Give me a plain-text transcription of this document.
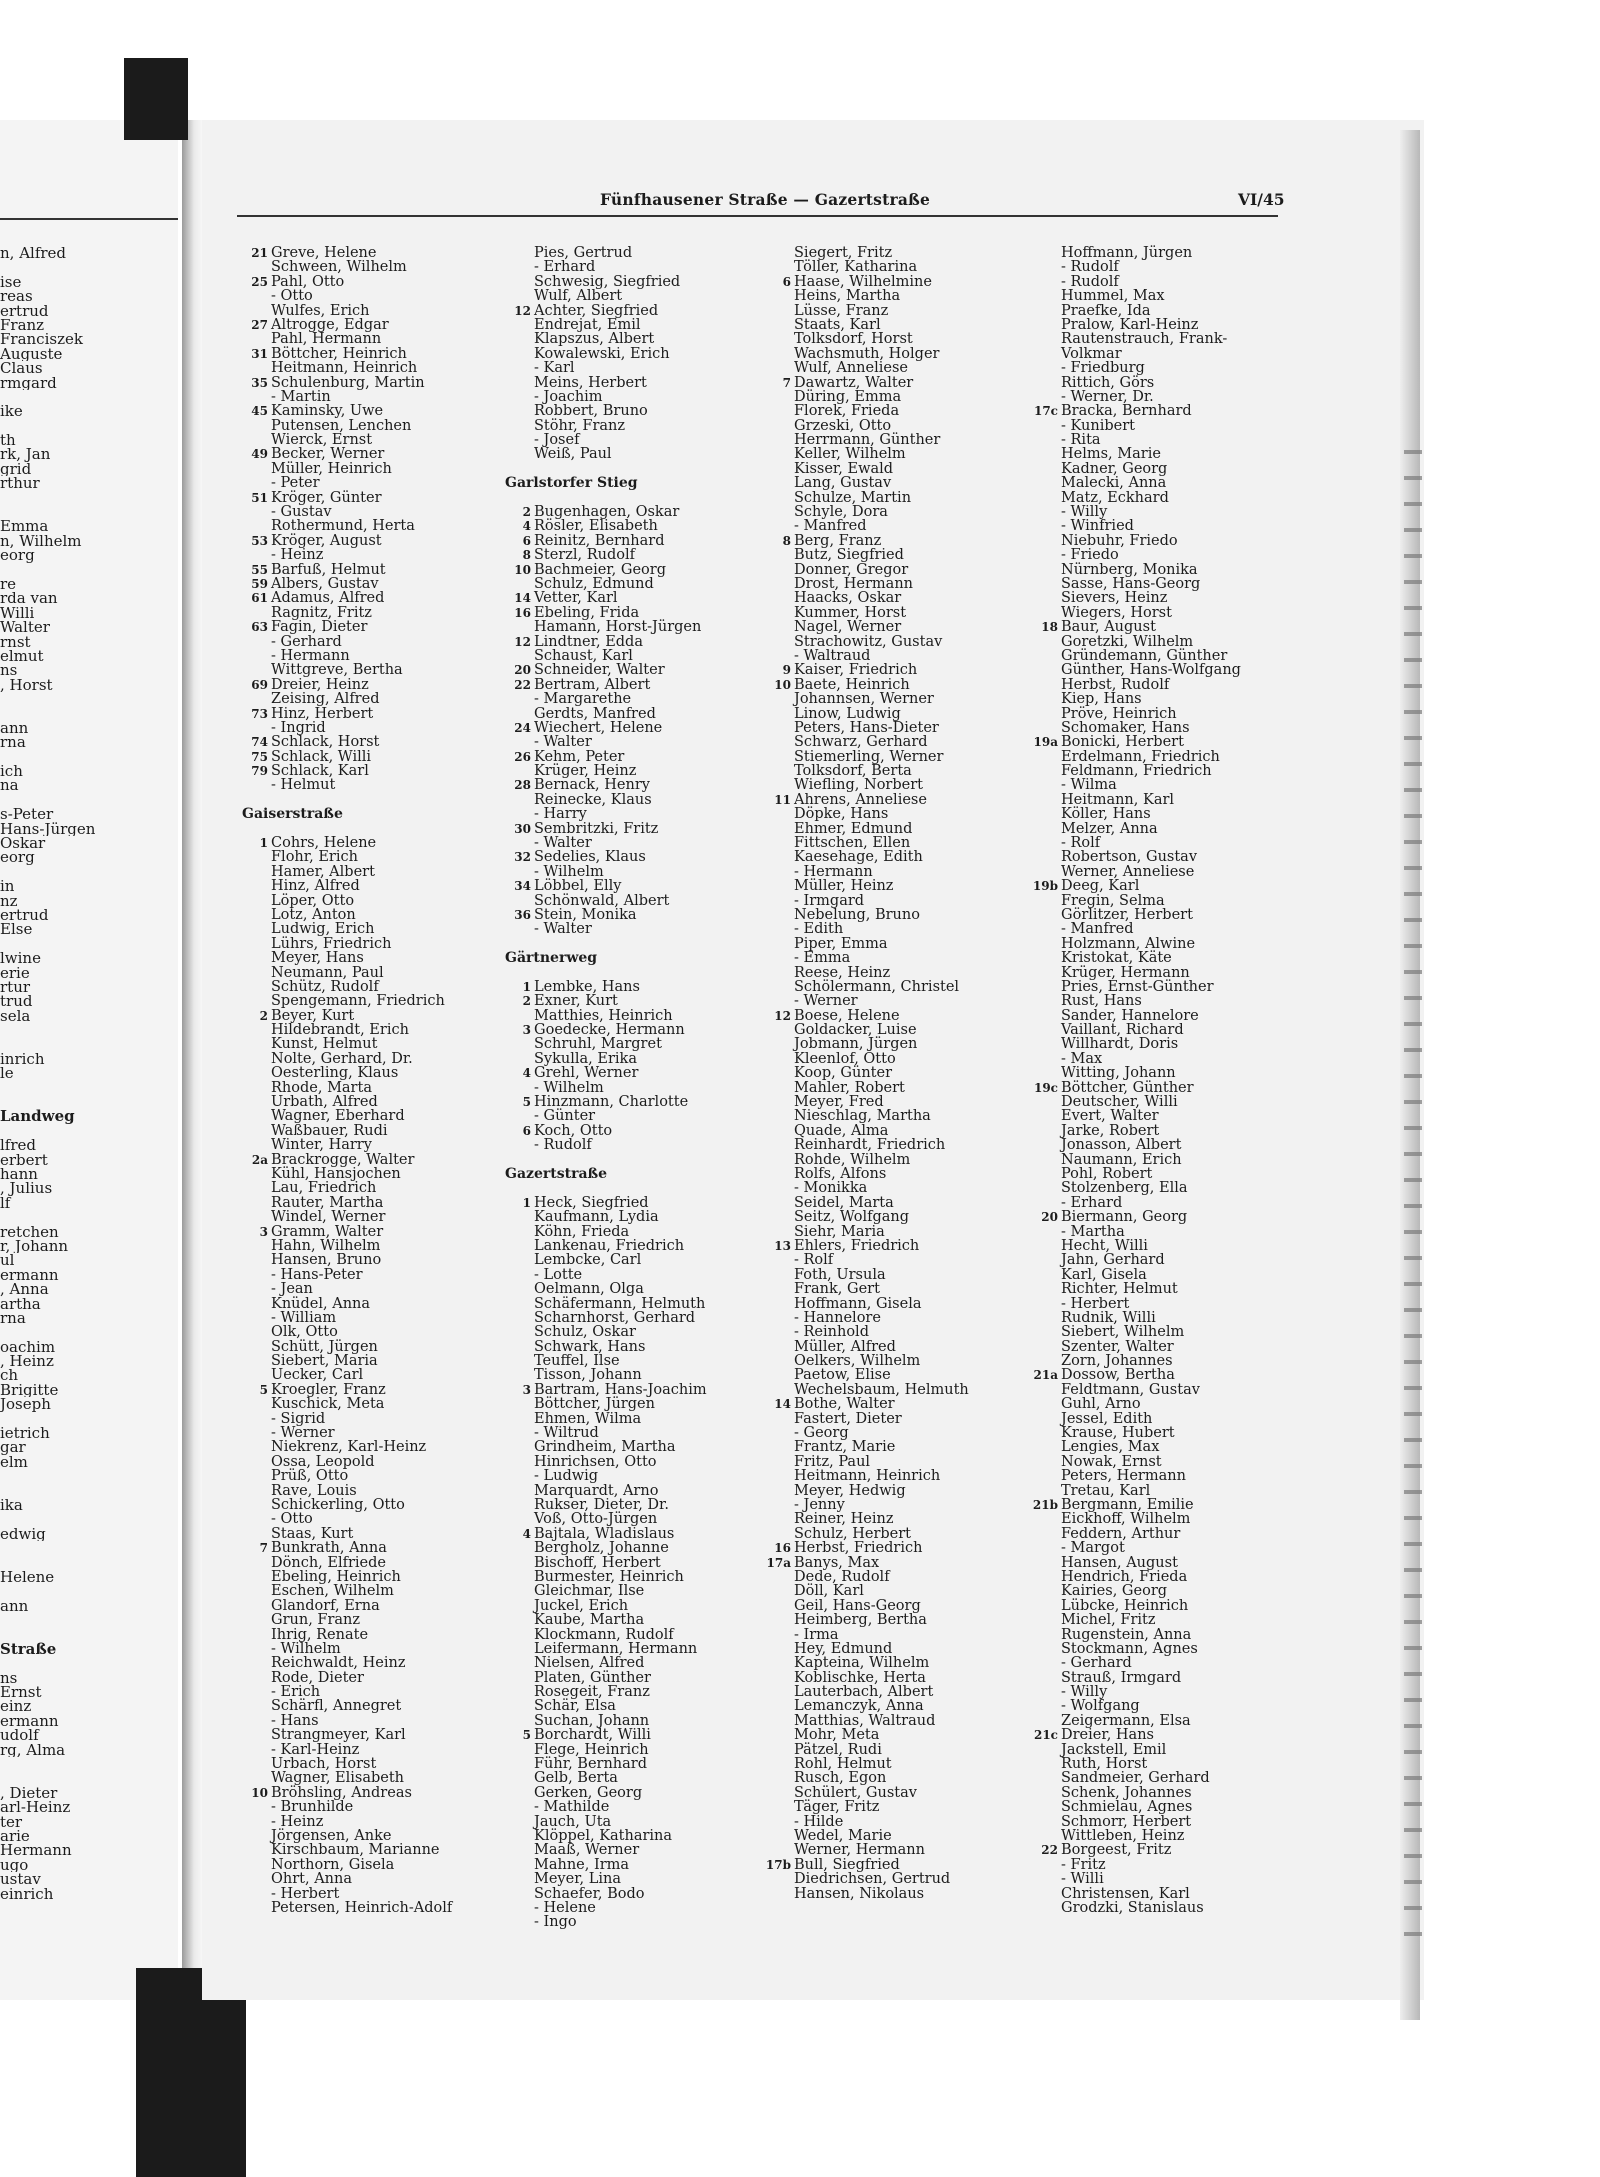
n, Alfred
ise
reas
ertrud
Franz
Franciszek
Auguste
Claus
rmgard
ike
th
rk, Jan
grid
rthur
Emma
n, Wilhelm
eorg
re
rda van
Willi
Walter
rnst
elmut
ns
, Horst
ann
rna
ich
na
s-Peter
Hans-Jürgen
Oskar
eorg
in
nz
ertrud
Else
lwine
erie
rtur
trud
sela
inrich
le
Landweg
lfred
erbert
hann
, Julius
lf
retchen
r, Johann
ul
ermann
, Anna
artha
rna
oachim
, Heinz
ch
Brigitte
Joseph
ietrich
gar
elm
ika
edwig
Helene
ann
Straße
ns
Ernst
einz
ermann
udolf
rg, Alma
, Dieter
arl-Heinz
ter
arie
Hermann
ugo
ustav
einrich
Fünfhausener Straße — Gazertstraße	VI/45
21 Greve, Helene
Schween, Wilhelm
25 Pahl, Otto
- Otto
Wulfes, Erich
27 Altrogge, Edgar
Pahl, Hermann
31 Böttcher, Heinrich
Heitmann, Heinrich
35 Schulenburg, Martin
- Martin
45 Kaminsky, Uwe
Putensen, Lenchen
Wierck, Ernst
49 Becker, Werner
Müller, Heinrich
- Peter
51 Kröger, Günter
- Gustav
Rothermund, Herta
53 Kröger, August
- Heinz
55 Barfuß, Helmut
59 Albers, Gustav
61 Adamus, Alfred
Ragnitz, Fritz
63 Fagin, Dieter
- Gerhard
- Hermann
Wittgreve, Bertha
69 Dreier, Heinz
Zeising, Alfred
73 Hinz, Herbert
- Ingrid
74 Schlack, Horst
75 Schlack, Willi
79 Schlack, Karl
- Helmut
Gaiserstraße
1 Cohrs, Helene
Flohr, Erich
Hamer, Albert
Hinz, Alfred
Löper, Otto
Lotz, Anton
Ludwig, Erich
Lührs, Friedrich
Meyer, Hans
Neumann, Paul
Schütz, Rudolf
Spengemann, Friedrich
2 Beyer, Kurt
Hildebrandt, Erich
Kunst, Helmut
Nolte, Gerhard, Dr.
Oesterling, Klaus
Rhode, Marta
Urbath, Alfred
Wagner, Eberhard
Waßbauer, Rudi
Winter, Harry
2a Brackrogge, Walter
Kühl, Hansjochen
Lau, Friedrich
Rauter, Martha
Windel, Werner
3 Gramm, Walter
Hahn, Wilhelm
Hansen, Bruno
- Hans-Peter
- Jean
Knüdel, Anna
- William
Olk, Otto
Schütt, Jürgen
Siebert, Maria
Uecker, Carl
5 Kroegler, Franz
Kuschick, Meta
- Sigrid
- Werner
Niekrenz, Karl-Heinz
Ossa, Leopold
Prüß, Otto
Rave, Louis
Schickerling, Otto
- Otto
Staas, Kurt
7 Bunkrath, Anna
Dönch, Elfriede
Ebeling, Heinrich
Eschen, Wilhelm
Glandorf, Erna
Grun, Franz
Ihrig, Renate
- Wilhelm
Reichwaldt, Heinz
Rode, Dieter
- Erich
Schärfl, Annegret
- Hans
Strangmeyer, Karl
- Karl-Heinz
Urbach, Horst
Wagner, Elisabeth
10 Bröhsling, Andreas
- Brunhilde
- Heinz
Jörgensen, Anke
Kirschbaum, Marianne
Northorn, Gisela
Ohrt, Anna
- Herbert
Petersen, Heinrich-Adolf
Pies, Gertrud
- Erhard
Schwesig, Siegfried
Wulf, Albert
12 Achter, Siegfried
Endrejat, Emil
Klapszus, Albert
Kowalewski, Erich
- Karl
Meins, Herbert
- Joachim
Robbert, Bruno
Stöhr, Franz
- Josef
Weiß, Paul
Garlstorfer Stieg
2 Bugenhagen, Oskar
4 Rösler, Elisabeth
6 Reinitz, Bernhard
8 Sterzl, Rudolf
10 Bachmeier, Georg
Schulz, Edmund
14 Vetter, Karl
16 Ebeling, Frida
Hamann, Horst-Jürgen
12 Lindtner, Edda
Schaust, Karl
20 Schneider, Walter
22 Bertram, Albert
- Margarethe
Gerdts, Manfred
24 Wiechert, Helene
- Walter
26 Kehm, Peter
Krüger, Heinz
28 Bernack, Henry
Reinecke, Klaus
- Harry
30 Sembritzki, Fritz
- Walter
32 Sedelies, Klaus
- Wilhelm
34 Löbbel, Elly
Schönwald, Albert
36 Stein, Monika
- Walter
Gärtnerweg
1 Lembke, Hans
2 Exner, Kurt
Matthies, Heinrich
3 Goedecke, Hermann
Schruhl, Margret
Sykulla, Erika
4 Grehl, Werner
- Wilhelm
5 Hinzmann, Charlotte
- Günter
6 Koch, Otto
- Rudolf
Gazertstraße
1 Heck, Siegfried
Kaufmann, Lydia
Köhn, Frieda
Lankenau, Friedrich
Lembcke, Carl
- Lotte
Oelmann, Olga
Schäfermann, Helmuth
Scharnhorst, Gerhard
Schulz, Oskar
Schwark, Hans
Teuffel, Ilse
Tisson, Johann
3 Bartram, Hans-Joachim
Böttcher, Jürgen
Ehmen, Wilma
- Wiltrud
Grindheim, Martha
Hinrichsen, Otto
- Ludwig
Marquardt, Arno
Rukser, Dieter, Dr.
Voß, Otto-Jürgen
4 Bajtala, Wladislaus
Bergholz, Johanne
Bischoff, Herbert
Burmester, Heinrich
Gleichmar, Ilse
Juckel, Erich
Kaube, Martha
Klockmann, Rudolf
Leifermann, Hermann
Nielsen, Alfred
Platen, Günther
Rosegeit, Franz
Schär, Elsa
Suchan, Johann
5 Borchardt, Willi
Flege, Heinrich
Führ, Bernhard
Gelb, Berta
Gerken, Georg
- Mathilde
Jauch, Uta
Klöppel, Katharina
Maaß, Werner
Mahne, Irma
Meyer, Lina
Schaefer, Bodo
- Helene
- Ingo
Siegert, Fritz
Töller, Katharina
6 Haase, Wilhelmine
Heins, Martha
Lüsse, Franz
Staats, Karl
Tolksdorf, Horst
Wachsmuth, Holger
Wulf, Anneliese
7 Dawartz, Walter
Düring, Emma
Florek, Frieda
Grzeski, Otto
Herrmann, Günther
Keller, Wilhelm
Kisser, Ewald
Lang, Gustav
Schulze, Martin
Schyle, Dora
- Manfred
8 Berg, Franz
Butz, Siegfried
Donner, Gregor
Drost, Hermann
Haacks, Oskar
Kummer, Horst
Nagel, Werner
Strachowitz, Gustav
- Waltraud
9 Kaiser, Friedrich
10 Baete, Heinrich
Johannsen, Werner
Linow, Ludwig
Peters, Hans-Dieter
Schwarz, Gerhard
Stiemerling, Werner
Tolksdorf, Berta
Wiefling, Norbert
11 Ahrens, Anneliese
Döpke, Hans
Ehmer, Edmund
Fittschen, Ellen
Kaesehage, Edith
- Hermann
Müller, Heinz
- Irmgard
Nebelung, Bruno
- Edith
Piper, Emma
- Emma
Reese, Heinz
Schölermann, Christel
- Werner
12 Boese, Helene
Goldacker, Luise
Jobmann, Jürgen
Kleenlof, Otto
Koop, Günter
Mahler, Robert
Meyer, Fred
Nieschlag, Martha
Quade, Alma
Reinhardt, Friedrich
Rohde, Wilhelm
Rolfs, Alfons
- Monikka
Seidel, Marta
Seitz, Wolfgang
Siehr, Maria
13 Ehlers, Friedrich
- Rolf
Foth, Ursula
Frank, Gert
Hoffmann, Gisela
- Hannelore
- Reinhold
Müller, Alfred
Oelkers, Wilhelm
Paetow, Elise
Wechelsbaum, Helmuth
14 Bothe, Walter
Fastert, Dieter
- Georg
Frantz, Marie
Fritz, Paul
Heitmann, Heinrich
Meyer, Hedwig
- Jenny
Reiner, Heinz
Schulz, Herbert
16 Herbst, Friedrich
17a Banys, Max
Dede, Rudolf
Döll, Karl
Geil, Hans-Georg
Heimberg, Bertha
- Irma
Hey, Edmund
Kapteina, Wilhelm
Koblischke, Herta
Lauterbach, Albert
Lemanczyk, Anna
Matthias, Waltraud
Mohr, Meta
Pätzel, Rudi
Rohl, Helmut
Rusch, Egon
Schülert, Gustav
Täger, Fritz
- Hilde
Wedel, Marie
Werner, Hermann
17b Bull, Siegfried
Diedrichsen, Gertrud
Hansen, Nikolaus
Hoffmann, Jürgen
- Rudolf
- Rudolf
Hummel, Max
Praefke, Ida
Pralow, Karl-Heinz
Rautenstrauch, Frank-
Volkmar
- Friedburg
Rittich, Görs
- Werner, Dr.
17c Bracka, Bernhard
- Kunibert
- Rita
Helms, Marie
Kadner, Georg
Malecki, Anna
Matz, Eckhard
- Willy
- Winfried
Niebuhr, Friedo
- Friedo
Nürnberg, Monika
Sasse, Hans-Georg
Sievers, Heinz
Wiegers, Horst
18 Baur, August
Goretzki, Wilhelm
Gründemann, Günther
Günther, Hans-Wolfgang
Herbst, Rudolf
Kiep, Hans
Pröve, Heinrich
Schomaker, Hans
19a Bonicki, Herbert
Erdelmann, Friedrich
Feldmann, Friedrich
- Wilma
Heitmann, Karl
Köller, Hans
Melzer, Anna
- Rolf
Robertson, Gustav
Werner, Anneliese
19b Deeg, Karl
Fregin, Selma
Görlitzer, Herbert
- Manfred
Holzmann, Alwine
Kristokat, Käte
Krüger, Hermann
Pries, Ernst-Günther
Rust, Hans
Sander, Hannelore
Vaillant, Richard
Willhardt, Doris
- Max
Witting, Johann
19c Böttcher, Günther
Deutscher, Willi
Evert, Walter
Jarke, Robert
Jonasson, Albert
Naumann, Erich
Pohl, Robert
Stolzenberg, Ella
- Erhard
20 Biermann, Georg
- Martha
Hecht, Willi
Jahn, Gerhard
Karl, Gisela
Richter, Helmut
- Herbert
Rudnik, Willi
Siebert, Wilhelm
Szenter, Walter
Zorn, Johannes
21a Dossow, Bertha
Feldtmann, Gustav
Guhl, Arno
Jessel, Edith
Krause, Hubert
Lengies, Max
Nowak, Ernst
Peters, Hermann
Tretau, Karl
21b Bergmann, Emilie
Eickhoff, Wilhelm
Feddern, Arthur
- Margot
Hansen, August
Hendrich, Frieda
Kairies, Georg
Lübcke, Heinrich
Michel, Fritz
Rugenstein, Anna
Stockmann, Agnes
- Gerhard
Strauß, Irmgard
- Willy
- Wolfgang
Zeigermann, Elsa
21c Dreier, Hans
Jackstell, Emil
Ruth, Horst
Sandmeier, Gerhard
Schenk, Johannes
Schmielau, Agnes
Schmorr, Herbert
Wittleben, Heinz
22 Borgeest, Fritz
- Fritz
- Willi
Christensen, Karl
Grodzki, Stanislaus
